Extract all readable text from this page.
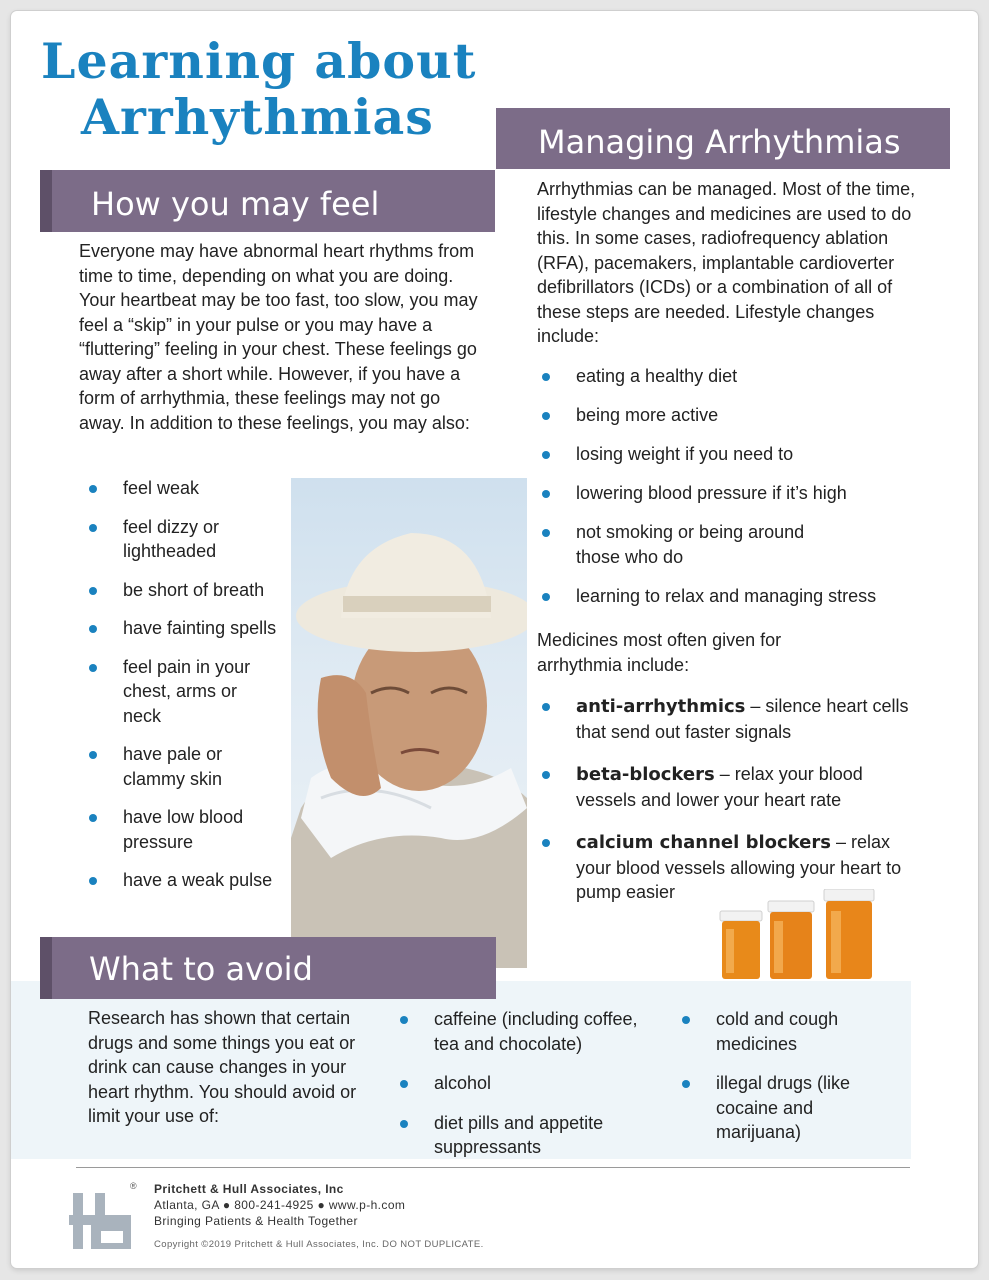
Learning about
Arrhythmias	Managing Arrhythmias
How you may feel

Everyone may have abnormal heart rhythms from time to time, depending on what you are doing. Your heartbeat may be too fast, too slow, you may feel a “skip” in your pulse or you may have a “fluttering” feeling in your chest. These feelings go away after a short while. However, if you have a form of arrhythmia, these feelings may not go away. In addition to these feelings, you may also:

feel weak
feel dizzy or lightheaded
be short of breath
have fainting spells
feel pain in your chest, arms or neck
have pale or clammy skin
have low blood pressure
have a weak pulse

Arrhythmias can be managed. Most of the time, lifestyle changes and medicines are used to do this. In some cases, radiofrequency ablation (RFA), pacemakers, implantable cardioverter defibrillators (ICDs) or a combination of all of these steps are needed. Lifestyle changes include:

eating a healthy diet
being more active
losing weight if you need to
lowering blood pressure if it’s high
not smoking or being around those who do
learning to relax and managing stress

Medicines most often given for arrhythmia include:

anti-arrhythmics – silence heart cells that send out faster signals
beta-blockers – relax your blood vessels and lower your heart rate
calcium channel blockers – relax your blood vessels allowing your heart to pump easier
What to avoid

Research has shown that certain drugs and some things you eat or drink can cause changes in your heart rhythm. You should avoid or limit your use of:

caffeine (including coffee, tea and chocolate)
alcohol
diet pills and appetite suppressants
cold and cough medicines
illegal drugs (like cocaine and marijuana)
® Pritchett & Hull Associates, Inc
Atlanta, GA ● 800-241-4925 ● www.p-h.com
Bringing Patients & Health Together
Copyright ©2019 Pritchett & Hull Associates, Inc. DO NOT DUPLICATE.
